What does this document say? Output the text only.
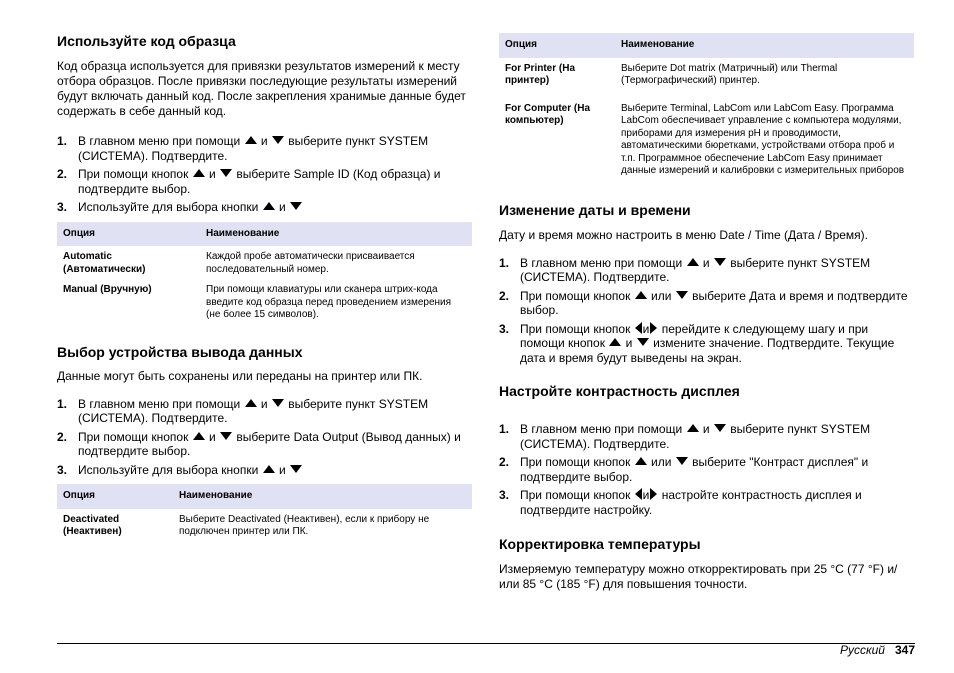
Используйте код образца

Код образца используется для привязки результатов измерений к месту отбора образцов. После привязки последующие результаты измерений будут включать данный код. После закрепления хранимые данные будет содержать в себе данный код.

1. В главном меню при помощи и выберите пункт SYSTEM (СИСТЕМА). Подтвердите.
2. При помощи кнопок и выберите Sample ID (Код образца) и подтвердите выбор.
3. Используйте для выбора кнопки и
Опция	Наименование
Automatic (Автоматически)	Каждой пробе автоматически присваивается последовательный номер.
Manual (Вручную)	При помощи клавиатуры или сканера штрих-кода введите код образца перед проведением измерения (не более 15 символов).
Выбор устройства вывода данных

Данные могут быть сохранены или переданы на принтер или ПК.

1. В главном меню при помощи и выберите пункт SYSTEM (СИСТЕМА). Подтвердите.
2. При помощи кнопок и выберите Data Output (Вывод данных) и подтвердите выбор.
3. Используйте для выбора кнопки и
Опция	Наименование
Deactivated (Неактивен)	Выберите Deactivated (Неактивен), если к прибору не подключен принтер или ПК.
Опция	Наименование
For Printer (На принтер)	Выберите Dot matrix (Матричный) или Thermal (Термографический) принтер.
For Computer (На компьютер)	Выберите Terminal, LabCom или LabCom Easy. Программа LabCom обеспечивает управление с компьютера модулями, приборами для измерения pH и проводимости, автоматическими бюретками, устройствами отбора проб и т.п. Программное обеспечение LabCom Easy принимает данные измерений и калибровки с измерительных приборов
Изменение даты и времени

Дату и время можно настроить в меню Date / Time (Дата / Время).

1. В главном меню при помощи и выберите пункт SYSTEM (СИСТЕМА). Подтвердите.
2. При помощи кнопок или выберите Дата и время и подтвердите выбор.
3. При помощи кнопок и перейдите к следующему шагу и при помощи кнопок и измените значение. Подтвердите. Текущие дата и время будут выведены на экран.
Настройте контрастность дисплея
1. В главном меню при помощи и выберите пункт SYSTEM (СИСТЕМА). Подтвердите.
2. При помощи кнопок или выберите "Контраст дисплея" и подтвердите выбор.
3. При помощи кнопок и настройте контрастность дисплея и подтвердите настройку.
Корректировка температуры

Измеряемую температуру можно откорректировать при 25 °C (77 °F) и/или 85 °C (185 °F) для повышения точности.

Русский 347
